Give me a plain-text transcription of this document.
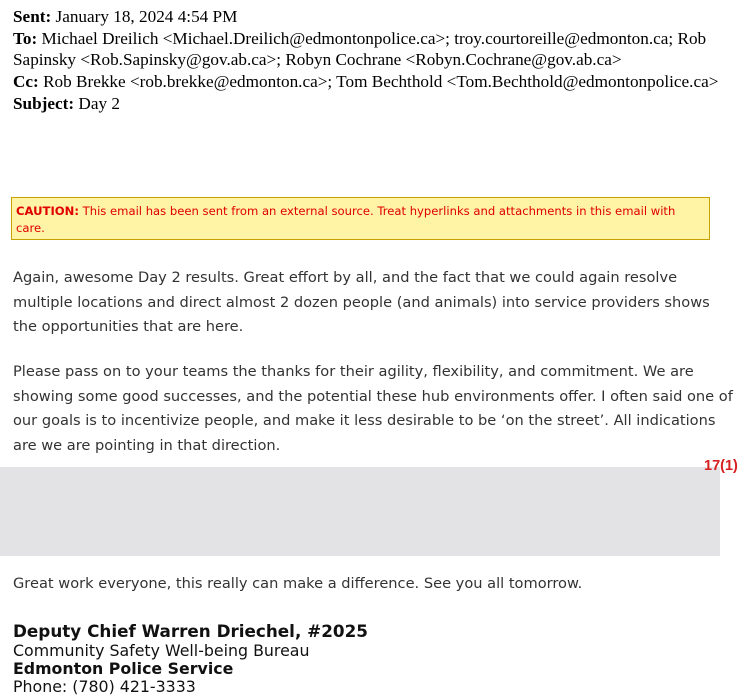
Sent: January 18, 2024 4:54 PM
To: Michael Dreilich <Michael.Dreilich@edmontonpolice.ca>; troy.courtoreille@edmonton.ca; Rob Sapinsky <Rob.Sapinsky@gov.ab.ca>; Robyn Cochrane <Robyn.Cochrane@gov.ab.ca>
Cc: Rob Brekke <rob.brekke@edmonton.ca>; Tom Bechthold <Tom.Bechthold@edmontonpolice.ca>
Subject: Day 2
CAUTION: This email has been sent from an external source. Treat hyperlinks and attachments in this email with care.
Again, awesome Day 2 results. Great effort by all, and the fact that we could again resolve multiple locations and direct almost 2 dozen people (and animals) into service providers shows the opportunities that are here.
Please pass on to your teams the thanks for their agility, flexibility, and commitment. We are showing some good successes, and the potential these hub environments offer. I often said one of our goals is to incentivize people, and make it less desirable to be ‘on the street’. All indications are we are pointing in that direction.
17(1)
Great work everyone, this really can make a difference. See you all tomorrow.
Deputy Chief Warren Driechel, #2025
Community Safety Well-being Bureau
Edmonton Police Service
Phone: (780) 421-3333
